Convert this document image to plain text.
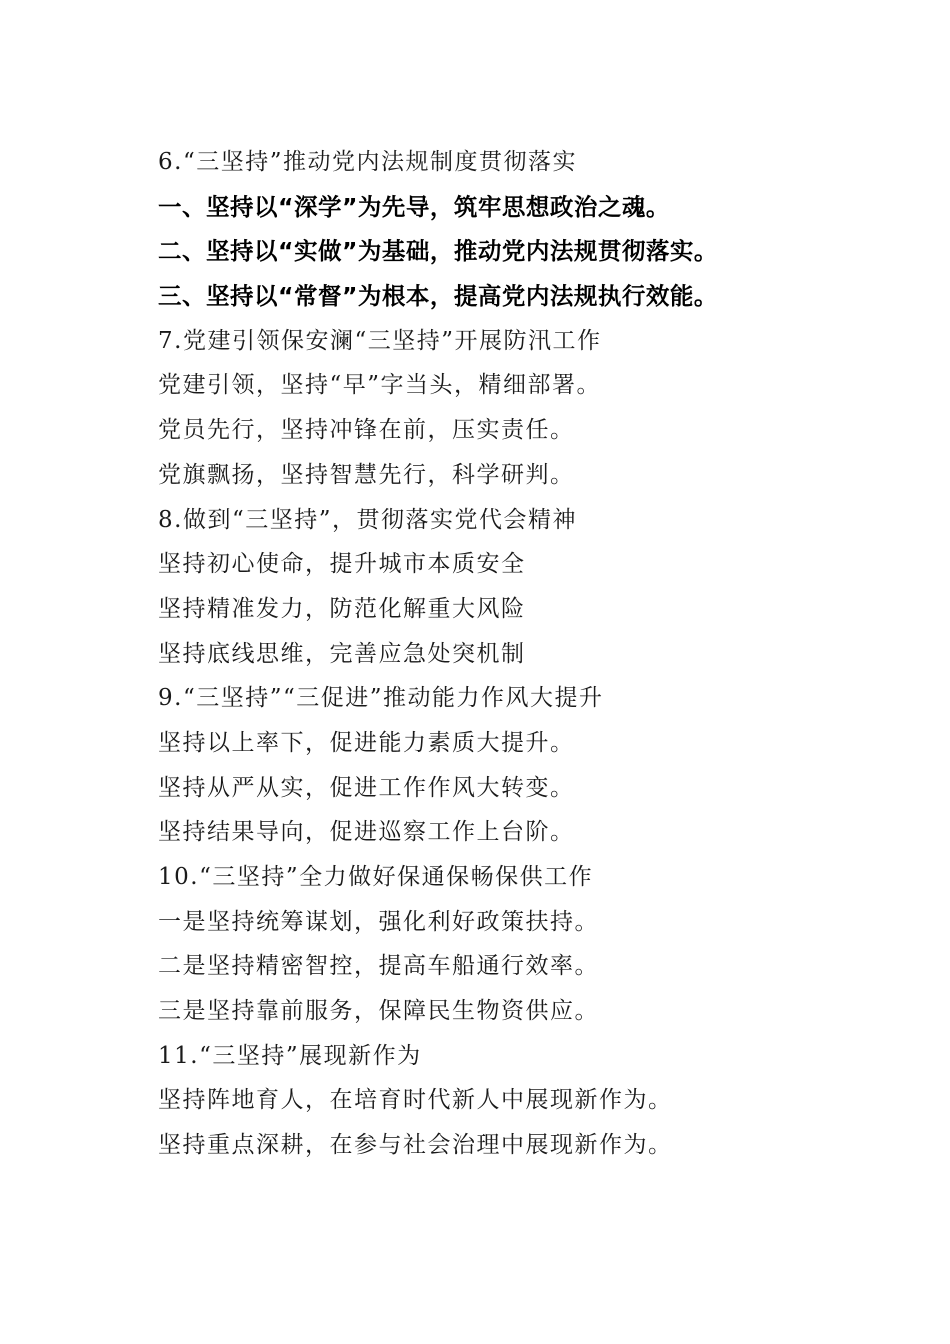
6.“三坚持”推动党内法规制度贯彻落实
一、坚持以“深学”为先导，筑牢思想政治之魂。
二、坚持以“实做”为基础，推动党内法规贯彻落实。
三、坚持以“常督”为根本，提高党内法规执行效能。
7.党建引领保安澜“三坚持”开展防汛工作
党建引领，坚持“早”字当头，精细部署。
党员先行，坚持冲锋在前，压实责任。
党旗飘扬，坚持智慧先行，科学研判。
8.做到“三坚持”，贯彻落实党代会精神
坚持初心使命，提升城市本质安全
坚持精准发力，防范化解重大风险
坚持底线思维，完善应急处突机制
9.“三坚持”“三促进”推动能力作风大提升
坚持以上率下，促进能力素质大提升。
坚持从严从实，促进工作作风大转变。
坚持结果导向，促进巡察工作上台阶。
10.“三坚持”全力做好保通保畅保供工作
一是坚持统筹谋划，强化利好政策扶持。
二是坚持精密智控，提高车船通行效率。
三是坚持靠前服务，保障民生物资供应。
11.“三坚持”展现新作为
坚持阵地育人，在培育时代新人中展现新作为。
坚持重点深耕，在参与社会治理中展现新作为。
